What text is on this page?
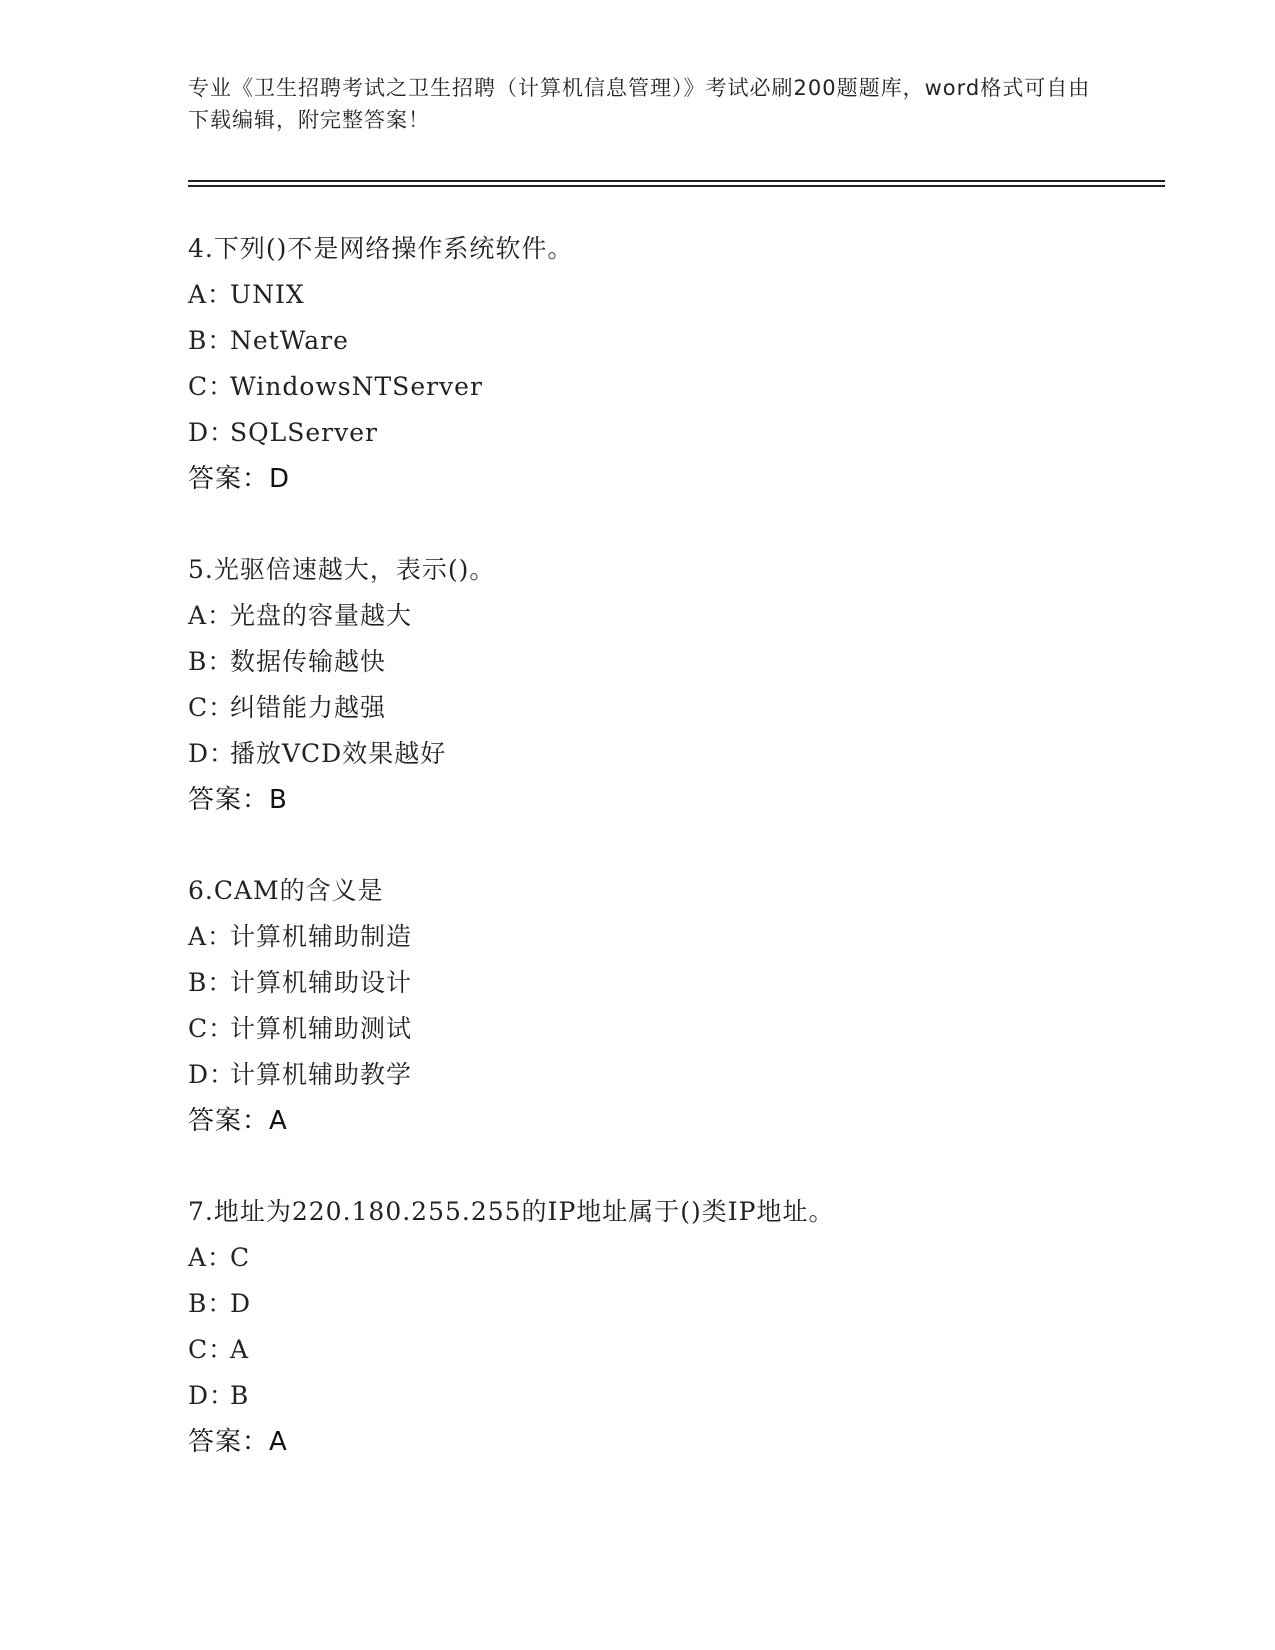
专业《卫生招聘考试之卫生招聘（计算机信息管理）》考试必刷200题题库，word格式可自由下载编辑，附完整答案！
4.下列()不是网络操作系统软件。
A：UNIX
B：NetWare
C：WindowsNTServer
D：SQLServer
答案：D
5.光驱倍速越大，表示()。
A：光盘的容量越大
B：数据传输越快
C：纠错能力越强
D：播放VCD效果越好
答案：B
6.CAM的含义是
A：计算机辅助制造
B：计算机辅助设计
C：计算机辅助测试
D：计算机辅助教学
答案：A
7.地址为220.180.255.255的IP地址属于()类IP地址。
A：C
B：D
C：A
D：B
答案：A
